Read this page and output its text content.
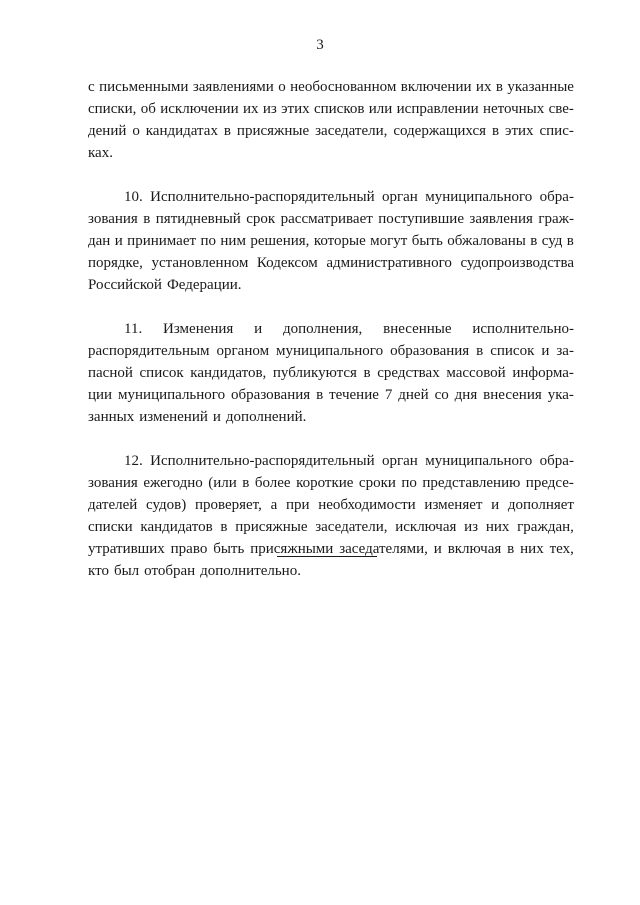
3
с письменными заявлениями о необоснованном включении их в указанные
списки, об исключении их из этих списков или исправлении неточных све-
дений о кандидатах в присяжные заседатели, содержащихся в этих спис-
ках.
10. Исполнительно-распорядительный орган муниципального обра-
зования в пятидневный срок рассматривает поступившие заявления граж-
дан и принимает по ним решения, которые могут быть обжалованы в суд в
порядке, установленном Кодексом административного судопроизводства
Российской Федерации.
11. Изменения и дополнения, внесенные исполнительно-
распорядительным органом муниципального образования в список и за-
пасной список кандидатов, публикуются в средствах массовой информа-
ции муниципального образования в течение 7 дней со дня внесения ука-
занных изменений и дополнений.
12. Исполнительно-распорядительный орган муниципального обра-
зования ежегодно (или в более короткие сроки по представлению предсе-
дателей судов) проверяет, а при необходимости изменяет и дополняет
списки кандидатов в присяжные заседатели, исключая из них граждан,
утративших право быть присяжными заседателями, и включая в них тех,
кто был отобран дополнительно.
